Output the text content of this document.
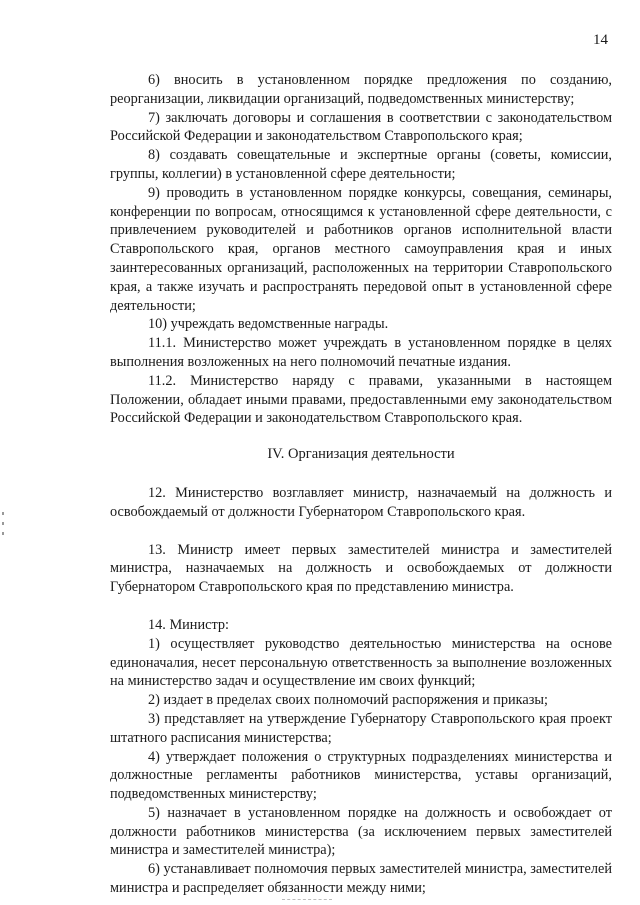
14

6) вносить в установленном порядке предложения по созданию, реорганизации, ликвидации организаций, подведомственных министерству;

7) заключать договоры и соглашения в соответствии с законодательством Российской Федерации и законодательством Ставропольского края;

8) создавать совещательные и экспертные органы (советы, комиссии, группы, коллегии) в установленной сфере деятельности;

9) проводить в установленном порядке конкурсы, совещания, семинары, конференции по вопросам, относящимся к установленной сфере деятельности, с привлечением руководителей и работников органов исполнительной власти Ставропольского края, органов местного самоуправления края и иных заинтересованных организаций, расположенных на территории Ставропольского края, а также изучать и распространять передовой опыт в установленной сфере деятельности;

10) учреждать ведомственные награды.

11.1. Министерство может учреждать в установленном порядке в целях выполнения возложенных на него полномочий печатные издания.

11.2. Министерство наряду с правами, указанными в настоящем Положении, обладает иными правами, предоставленными ему законодательством Российской Федерации и законодательством Ставропольского края.

IV. Организация деятельности

12. Министерство возглавляет министр, назначаемый на должность и освобождаемый от должности Губернатором Ставропольского края.

13. Министр имеет первых заместителей министра и заместителей министра, назначаемых на должность и освобождаемых от должности Губернатором Ставропольского края по представлению министра.

14. Министр:

1) осуществляет руководство деятельностью министерства на основе единоначалия, несет персональную ответственность за выполнение возложенных на министерство задач и осуществление им своих функций;

2) издает в пределах своих полномочий распоряжения и приказы;

3) представляет на утверждение Губернатору Ставропольского края проект штатного расписания министерства;

4) утверждает положения о структурных подразделениях министерства и должностные регламенты работников министерства, уставы организаций, подведомственных министерству;

5) назначает в установленном порядке на должность и освобождает от должности работников министерства (за исключением первых заместителей министра и заместителей министра);

6) устанавливает полномочия первых заместителей министра, заместителей министра и распределяет обязанности между ними;
